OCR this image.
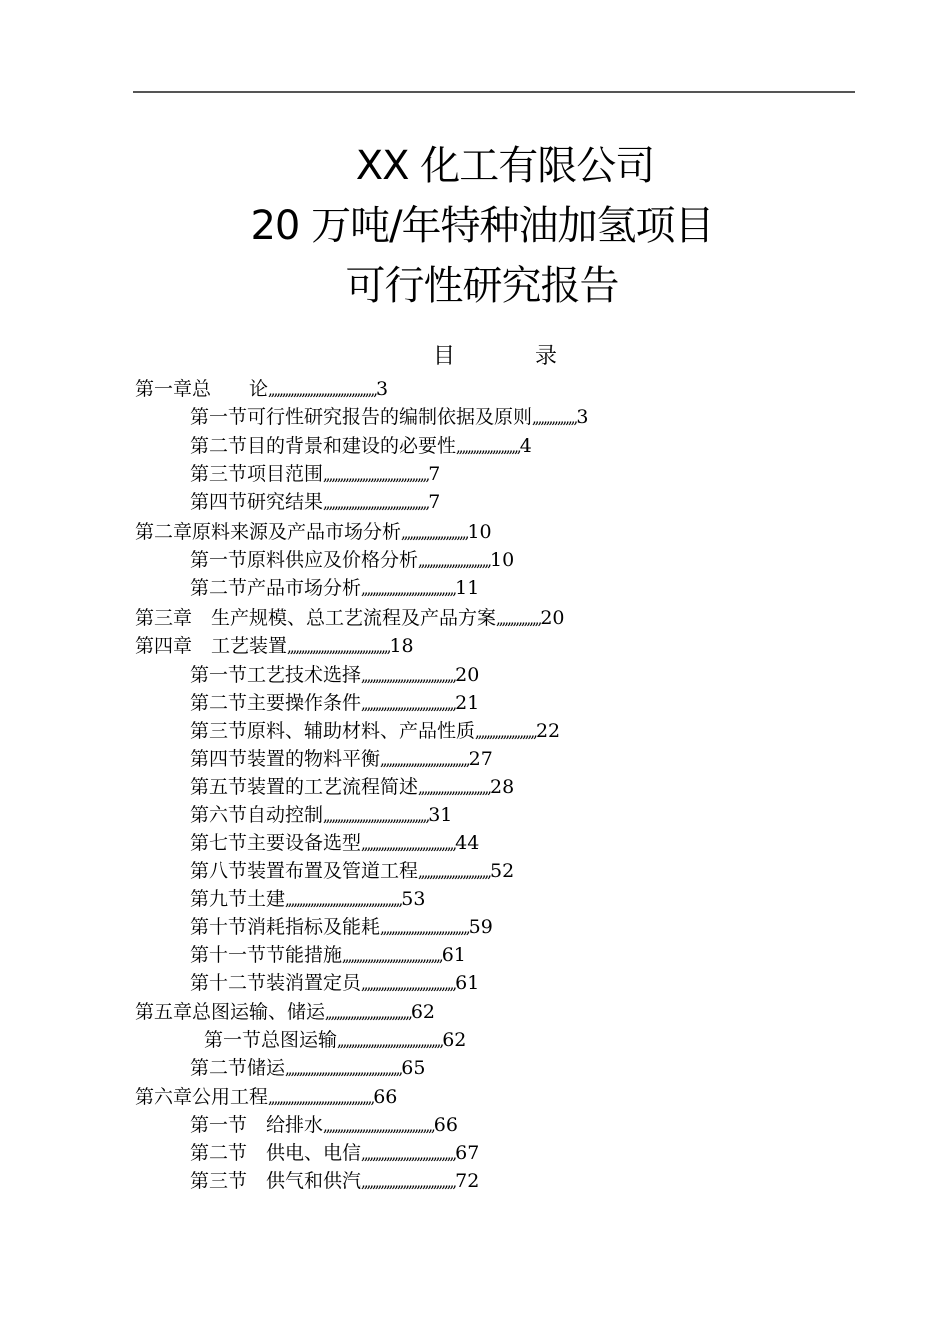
XX 化工有限公司
20 万吨/年特种油加氢项目
可行性研究报告
目	录
第一章总　　论,,,,,,,,,,,,,,,,,,,,,,,,,,,,,,,,,,,,,,,3
第一节可行性研究报告的编制依据及原则,,,,,,,,,,,,,,,,3
第二节目的背景和建设的必要性,,,,,,,,,,,,,,,,,,,,,,,4
第三节项目范围,,,,,,,,,,,,,,,,,,,,,,,,,,,,,,,,,,,,,,7
第四节研究结果,,,,,,,,,,,,,,,,,,,,,,,,,,,,,,,,,,,,,,7
第二章原料来源及产品市场分析,,,,,,,,,,,,,,,,,,,,,,,,10
第一节原料供应及价格分析,,,,,,,,,,,,,,,,,,,,,,,,,,10
第二节产品市场分析,,,,,,,,,,,,,,,,,,,,,,,,,,,,,,,,,,11
第三章　 生产规模、总工艺流程及产品方案,,,,,,,,,,,,,,,,20
第四章　 工艺装置,,,,,,,,,,,,,,,,,,,,,,,,,,,,,,,,,,,,,18
第一节工艺技术选择,,,,,,,,,,,,,,,,,,,,,,,,,,,,,,,,,,20
第二节主要操作条件,,,,,,,,,,,,,,,,,,,,,,,,,,,,,,,,,,21
第三节原料、辅助材料、产品性质,,,,,,,,,,,,,,,,,,,,,,22
第四节装置的物料平衡,,,,,,,,,,,,,,,,,,,,,,,,,,,,,,,,27
第五节装置的工艺流程简述,,,,,,,,,,,,,,,,,,,,,,,,,,28
第六节自动控制,,,,,,,,,,,,,,,,,,,,,,,,,,,,,,,,,,,,,,31
第七节主要设备选型,,,,,,,,,,,,,,,,,,,,,,,,,,,,,,,,,,44
第八节装置布置及管道工程,,,,,,,,,,,,,,,,,,,,,,,,,,52
第九节土建,,,,,,,,,,,,,,,,,,,,,,,,,,,,,,,,,,,,,,,,,,53
第十节消耗指标及能耗,,,,,,,,,,,,,,,,,,,,,,,,,,,,,,,,59
第十一节节能措施,,,,,,,,,,,,,,,,,,,,,,,,,,,,,,,,,,,,61
第十二节装消置定员,,,,,,,,,,,,,,,,,,,,,,,,,,,,,,,,,,61
第五章总图运输、储运,,,,,,,,,,,,,,,,,,,,,,,,,,,,,,,62
第一节总图运输,,,,,,,,,,,,,,,,,,,,,,,,,,,,,,,,,,,,,,62
第二节储运,,,,,,,,,,,,,,,,,,,,,,,,,,,,,,,,,,,,,,,,,,65
第六章公用工程,,,,,,,,,,,,,,,,,,,,,,,,,,,,,,,,,,,,,,66
第一节　 给排水,,,,,,,,,,,,,,,,,,,,,,,,,,,,,,,,,,,,,,,,66
第二节　 供电、电信,,,,,,,,,,,,,,,,,,,,,,,,,,,,,,,,,,67
第三节　 供气和供汽,,,,,,,,,,,,,,,,,,,,,,,,,,,,,,,,,,72
